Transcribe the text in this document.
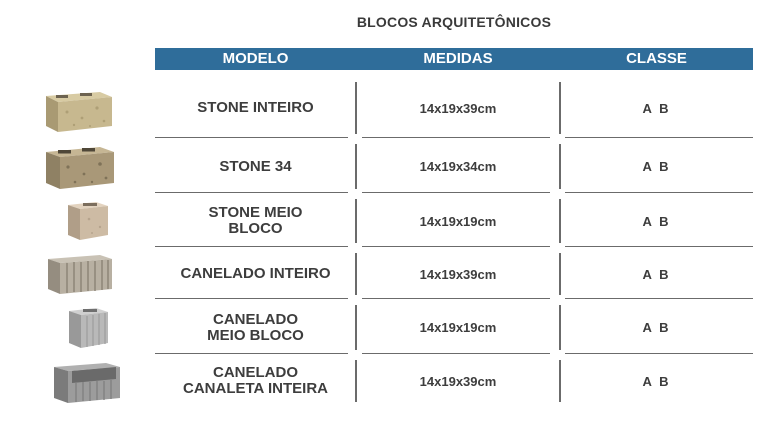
BLOCOS ARQUITETÔNICOS
MODELO	MEDIDAS	CLASSE
STONE INTEIRO	14x19x39cm	A B
STONE 34	14x19x34cm	A B
STONE MEIO
BLOCO	14x19x19cm	A B
CANELADO INTEIRO	14x19x39cm	A B
CANELADO
MEIO BLOCO	14x19x19cm	A B
CANELADO
CANALETA INTEIRA	14x19x39cm	A B
